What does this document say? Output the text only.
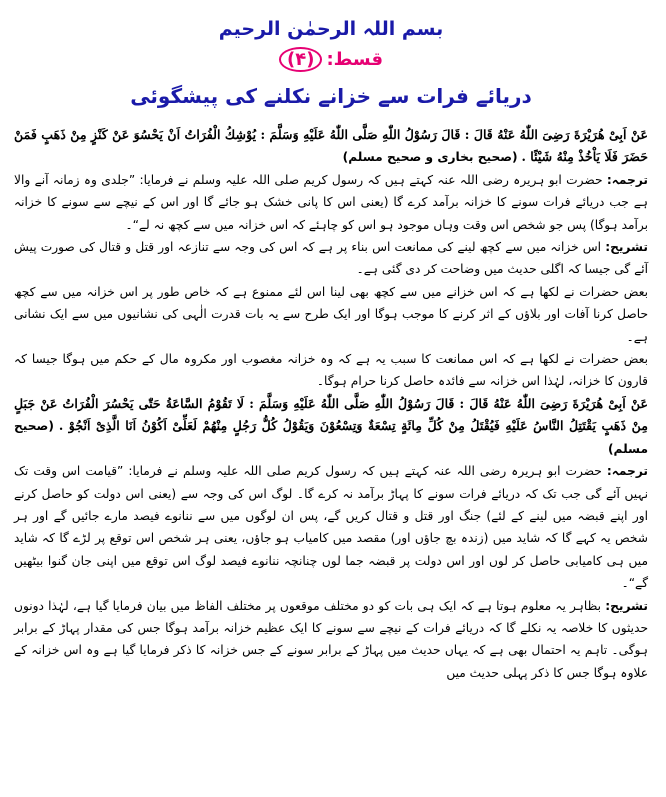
بسم اللہ الرحمٰن الرحیم
قسط:(۴)
دریائے فرات سے خزانے نکلنے کی پیشگوئی

عَنْ اَبِیْ هُرَیْرَةَ رَضِیَ اللّٰهُ عَنْهُ قَالَ : قَالَ رَسُوْلُ اللّٰهِ صَلَّى اللّٰهُ عَلَیْهِ وَسَلَّمَ : یُوْشِكُ الْفُرَاتُ اَنْ یَحْسُوَ عَنْ كَنْزٍ مِنْ ذَهَبٍ فَمَنْ حَضَرَ فَلَا یَاْخُذْ مِنْهُ شَیْئًا . (صحیح بخاری و صحیح مسلم)

ترجمہ: حضرت ابو ہریرہ رضی اللہ عنہ کہتے ہیں کہ رسول کریم صلی اللہ علیہ وسلم نے فرمایا: ”جلدی وہ زمانہ آنے والا ہے جب دریائے فرات سونے کا خزانہ برآمد کرے گا (یعنی اس کا پانی خشک ہو جائے گا اور اس کے نیچے سے سونے کا خزانہ برآمد ہوگا) پس جو شخص اس وقت وہاں موجود ہو اس کو چاہئے کہ اس خزانہ میں سے کچھ نہ لے“۔

تشریح: اس خزانہ میں سے کچھ لینے کی ممانعت اس بناء پر ہے کہ اس کی وجہ سے تنازعہ اور قتل و قتال کی صورت پیش آئے گی جیسا کہ اگلی حدیث میں وضاحت کر دی گئی ہے۔

بعض حضرات نے لکھا ہے کہ اس خزانے میں سے کچھ بھی لینا اس لئے ممنوع ہے کہ خاص طور پر اس خزانہ میں سے کچھ حاصل کرنا آفات اور بلاؤں کے اثر کرنے کا موجب ہوگا اور ایک طرح سے یہ بات قدرت الٰہی کی نشانیوں میں سے ایک نشانی ہے۔

بعض حضرات نے لکھا ہے کہ اس ممانعت کا سبب یہ ہے کہ وہ خزانہ مغصوب اور مکروہ مال کے حکم میں ہوگا جیسا کہ قارون کا خزانہ، لہٰذا اس خزانہ سے فائدہ حاصل کرنا حرام ہوگا۔

عَنْ اَبِیْ هُرَیْرَةَ رَضِیَ اللّٰهُ عَنْهُ قَالَ : قَالَ رَسُوْلُ اللّٰهِ صَلَّى اللّٰهُ عَلَیْهِ وَسَلَّمَ : لَا تَقُوْمُ السَّاعَةُ حَتّٰى یَحْسُرَ الْفُرَاتُ عَنْ جَبَلٍ مِنْ ذَهَبٍ یَقْتَتِلُ النَّاسُ عَلَیْهِ فَیُقْتَلُ مِنْ كُلِّ مِائَةٍ تِسْعَةٌ وَتِسْعُوْنَ وَیَقُوْلُ كُلُّ رَجُلٍ مِنْهُمْ لَعَلِّیْ اَكُوْنُ اَنَا الَّذِیْ اَنْجُوْ . (صحیح مسلم)

ترجمہ: حضرت ابو ہریرہ رضی اللہ عنہ کہتے ہیں کہ رسول کریم صلی اللہ علیہ وسلم نے فرمایا: ”قیامت اس وقت تک نہیں آئے گی جب تک کہ دریائے فرات سونے کا پہاڑ برآمد نہ کرے گا۔ لوگ اس کی وجہ سے (یعنی اس دولت کو حاصل کرنے اور اپنے قبضہ میں لینے کے لئے) جنگ اور قتل و قتال کریں گے، پس ان لوگوں میں سے ننانوے فیصد مارے جائیں گے اور ہر شخص یہ کہے گا کہ شاید میں (زندہ بچ جاؤں اور) مقصد میں کامیاب ہو جاؤں، یعنی ہر شخص اس توقع پر لڑے گا کہ شاید میں ہی کامیابی حاصل کر لوں اور اس دولت پر قبضہ جما لوں چنانچہ ننانوے فیصد لوگ اس توقع میں اپنی جان گنوا بیٹھیں گے“۔

تشریح: بظاہر یہ معلوم ہوتا ہے کہ ایک ہی بات کو دو مختلف موقعوں پر مختلف الفاظ میں بیان فرمایا گیا ہے، لہٰذا دونوں حدیثوں کا خلاصہ یہ نکلے گا کہ دریائے فرات کے نیچے سے سونے کا ایک عظیم خزانہ برآمد ہوگا جس کی مقدار پہاڑ کے برابر ہوگی۔ تاہم یہ احتمال بھی ہے کہ یہاں حدیث میں پہاڑ کے برابر سونے کے جس خزانہ کا ذکر فرمایا گیا ہے وہ اس خزانہ کے علاوہ ہوگا جس کا ذکر پہلی حدیث میں
